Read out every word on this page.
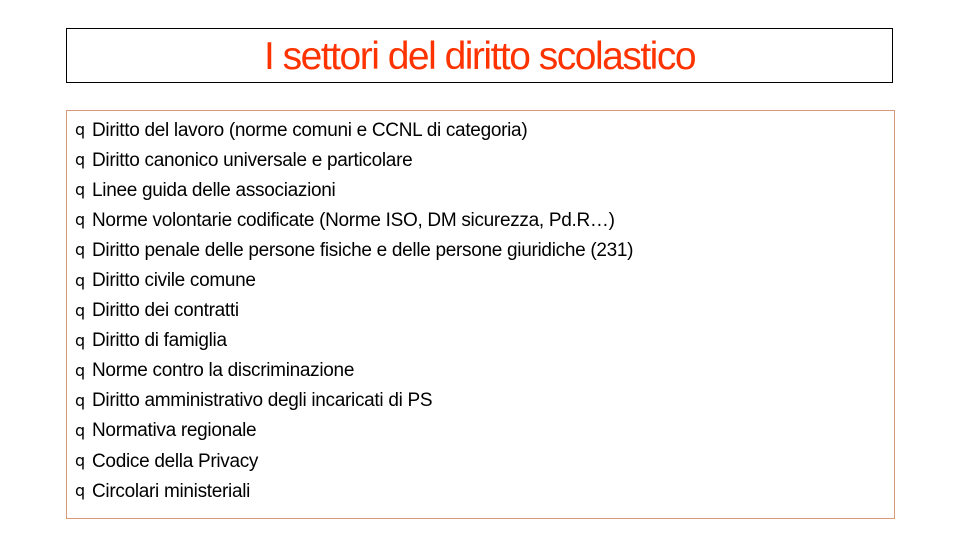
I settori del diritto scolastico
q Diritto del lavoro (norme comuni e CCNL di categoria)
q Diritto canonico universale e particolare
q Linee guida delle associazioni
q Norme volontarie codificate (Norme ISO, DM sicurezza, Pd.R…)
q Diritto penale delle persone fisiche e delle persone giuridiche (231)
q Diritto civile comune
q Diritto dei contratti
q Diritto di famiglia
q Norme contro la discriminazione
q Diritto amministrativo degli incaricati di PS
q Normativa regionale
q Codice della Privacy
q Circolari ministeriali
